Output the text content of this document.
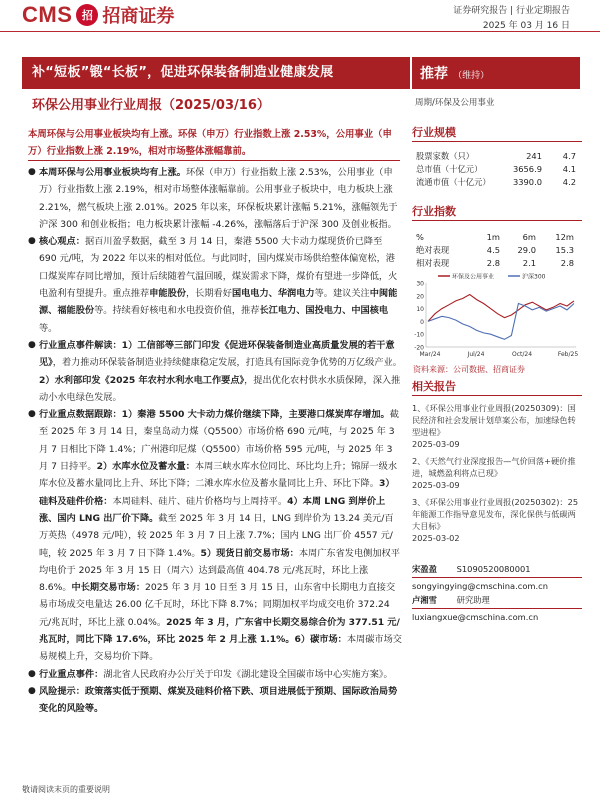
CMS 招 招商证券	证券研究报告 | 行业定期报告
2025 年 03 月 16 日
补“短板”锻“长板”，促进环保装备制造业健康发展	推荐 （维持）
环保公用事业行业周报（2025/03/16）	周期/环保及公用事业
本周环保与公用事业板块均有上涨。环保（申万）行业指数上涨 2.53%，公用事业（申万）行业指数上涨 2.19%，相对市场整体涨幅靠前。
● 本周环保与公用事业板块均有上涨。环保（申万）行业指数上涨 2.53%，公用事业（申万）行业指数上涨 2.19%，相对市场整体涨幅靠前。公用事业子板块中，电力板块上涨 2.21%，燃气板块上涨 2.01%。2025 年以来，环保板块累计涨幅 5.21%，涨幅领先于沪深 300 和创业板指；电力板块累计涨幅 -4.26%，涨幅落后于沪深 300 及创业板指。
● 核心观点：据百川盈孚数据，截至 3 月 14 日，秦港 5500 大卡动力煤现货价已降至 690 元/吨，为 2022 年以来的相对低位。与此同时，国内煤炭市场供给整体偏宽松，港口煤炭库存同比增加，预计后续随着气温回暖，煤炭需求下降，煤价有望进一步降低，火电盈利有望提升。重点推荐申能股份，长期看好国电电力、华润电力等。建议关注中闽能源、福能股份等。持续看好核电和水电投资价值，推荐长江电力、国投电力、中国核电等。
● 行业重点事件解读：1）工信部等三部门印发《促进环保装备制造业高质量发展的若干意见》，着力推动环保装备制造业持续健康稳定发展，打造具有国际竞争优势的万亿级产业。2）水利部印发《2025 年农村水利水电工作要点》，提出优化农村供水水质保障，深入推动小水电绿色发展。
● 行业重点数据跟踪：1）秦港 5500 大卡动力煤价继续下降，主要港口煤炭库存增加。截至 2025 年 3 月 14 日，秦皇岛动力煤（Q5500）市场价格 690 元/吨，与 2025 年 3 月 7 日相比下降 1.4%；广州港印尼煤（Q5500）市场价格 595 元/吨，与 2025 年 3 月 7 日持平。2）水库水位及蓄水量：本周三峡水库水位同比、环比均上升；锦屏一级水库水位及蓄水量同比上升、环比下降；二滩水库水位及蓄水量同比上升、环比下降。3）硅料及硅件价格：本周硅料、硅片、硅片价格均与上周持平。4）本周 LNG 到岸价上涨、国内 LNG 出厂价下降。截至 2025 年 3 月 14 日，LNG 到岸价为 13.24 美元/百万英热（4978 元/吨），较 2025 年 3 月 7 日上涨 7.7%；国内 LNG 出厂价 4557 元/吨，较 2025 年 3 月 7 日下降 1.4%。5）现货日前交易市场：本周广东省发电侧加权平均电价于 2025 年 3 月 15 日（周六）达到最高值 404.78 元/兆瓦时，环比上涨 8.6%。中长期交易市场：2025 年 3 月 10 日至 3 月 15 日，山东省中长期电力直接交易市场成交电量达 26.00 亿千瓦时，环比下降 8.7%；同期加权平均成交电价 372.24 元/兆瓦时，环比上涨 0.04%。2025 年 3 月，广东省中长期交易综合价为 377.51 元/兆瓦时，同比下降 17.6%，环比 2025 年 2 月上涨 1.1%。6）碳市场：本周碳市场交易规模上升，交易均价下降。
● 行业重点事件：湖北省人民政府办公厅关于印发《湖北建设全国碳市场中心实施方案》。
● 风险提示：政策落实低于预期、煤炭及硅料价格下跌、项目进展低于预期、国际政治局势变化的风险等。
行业规模
股票家数（只）	241	4.7
总市值（十亿元）	3656.9	4.1
流通市值（十亿元）	3390.0	4.2
行业指数
%	1m	6m	12m
绝对表现	4.5	29.0	15.3
相对表现	2.8	2.1	2.8
30
20
10
0
-10
-20
Mar/24	Jul/24	Oct/24	Feb/25
环保及公用事业	沪深300
资料来源：公司数据、招商证券
相关报告
1、《环保公用事业行业周报(20250309)：国民经济和社会发展计划草案公布，加速绿色转型进程》
2025-03-09
2、《天然气行业深度报告—气价回落+硬价推进，城燃盈利将点已现》
2025-03-09
3、《环保公用事业行业周报(20250302)：25 年能源工作指导意见发布，深化保供与低碳两大目标》
2025-03-02
宋盈盈 S1090520080001
songyingying@cmschina.com.cn
卢湘雪 研究助理
luxiangxue@cmschina.com.cn
敬请阅读末页的重要说明
